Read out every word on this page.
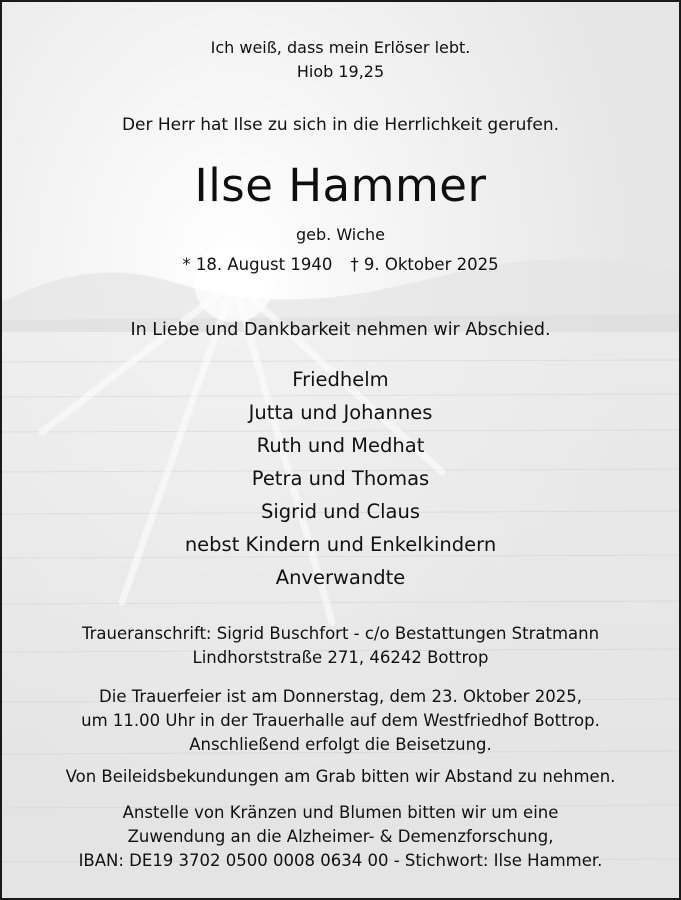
Ich weiß, dass mein Erlöser lebt.
Hiob 19,25
Der Herr hat Ilse zu sich in die Herrlichkeit gerufen.
Ilse Hammer
geb. Wiche
* 18. August 1940 † 9. Oktober 2025
In Liebe und Dankbarkeit nehmen wir Abschied.
Friedhelm
Jutta und Johannes
Ruth und Medhat
Petra und Thomas
Sigrid und Claus
nebst Kindern und Enkelkindern
Anverwandte
Traueranschrift: Sigrid Buschfort - c/o Bestattungen Stratmann
Lindhorststraße 271, 46242 Bottrop
Die Trauerfeier ist am Donnerstag, dem 23. Oktober 2025,
um 11.00 Uhr in der Trauerhalle auf dem Westfriedhof Bottrop.
Anschließend erfolgt die Beisetzung.
Von Beileidsbekundungen am Grab bitten wir Abstand zu nehmen.
Anstelle von Kränzen und Blumen bitten wir um eine
Zuwendung an die Alzheimer- & Demenzforschung,
IBAN: DE19 3702 0500 0008 0634 00 - Stichwort: Ilse Hammer.
